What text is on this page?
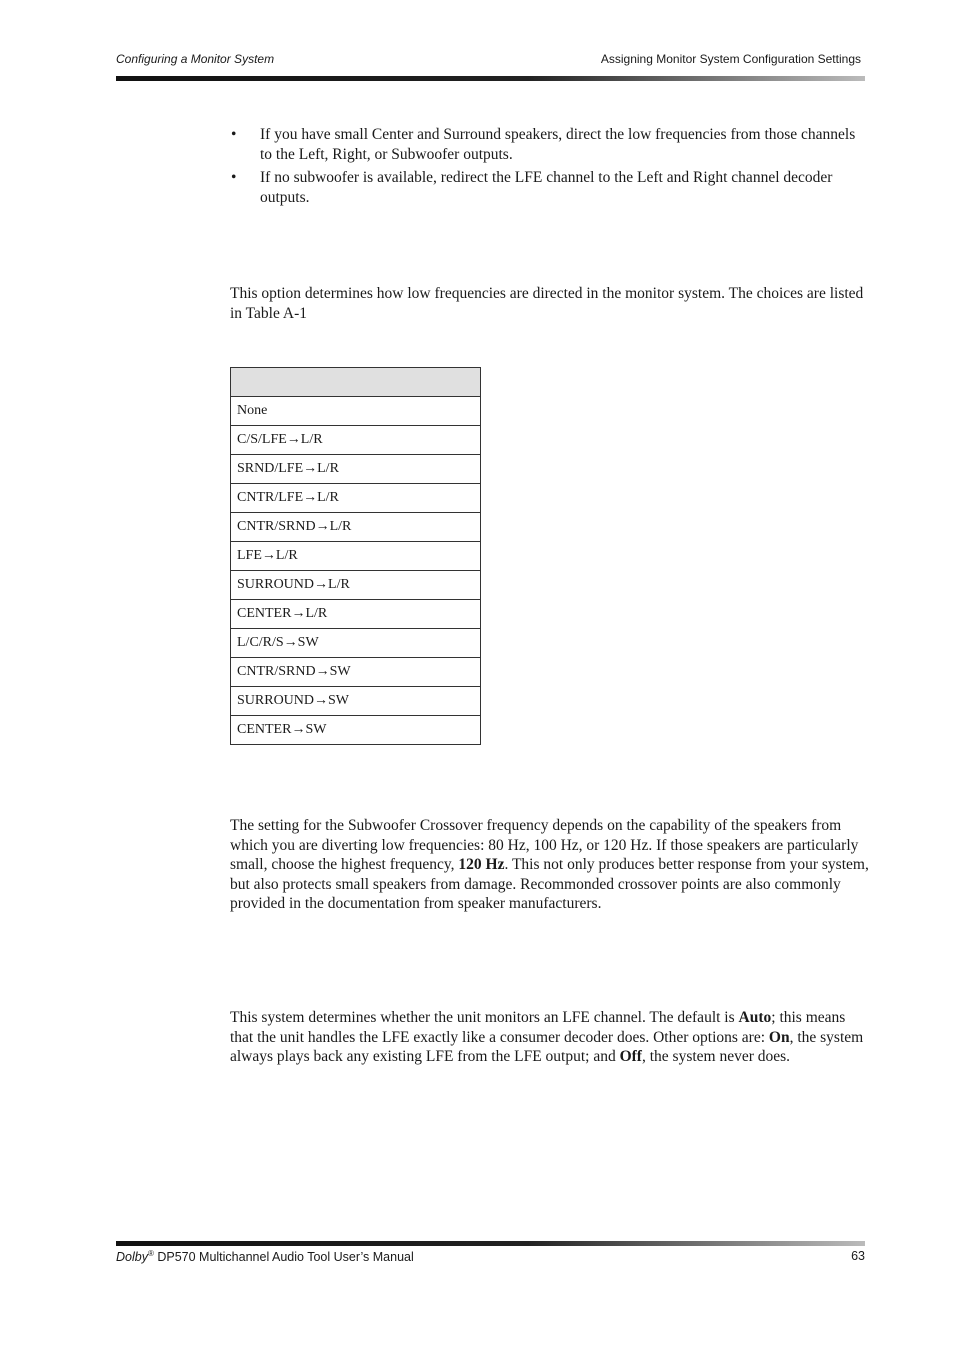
Configuring a Monitor System	Assigning Monitor System Configuration Settings
• If you have small Center and Surround speakers, direct the low frequencies from those channels to the Left, Right, or Subwoofer outputs.
• If no subwoofer is available, redirect the LFE channel to the Left and Right channel decoder outputs.

This option determines how low frequencies are directed in the monitor system. The choices are listed in Table A-1

None
C/S/LFE→L/R
SRND/LFE→L/R
CNTR/LFE→L/R
CNTR/SRND→L/R
LFE→L/R
SURROUND→L/R
CENTER→L/R
L/C/R/S→SW
CNTR/SRND→SW
SURROUND→SW
CENTER→SW

The setting for the Subwoofer Crossover frequency depends on the capability of the speakers from which you are diverting low frequencies: 80 Hz, 100 Hz, or 120 Hz. If those speakers are particularly small, choose the highest frequency, 120 Hz. This not only produces better response from your system, but also protects small speakers from damage. Recommonded crossover points are also commonly provided in the documentation from speaker manufacturers.

This system determines whether the unit monitors an LFE channel. The default is Auto; this means that the unit handles the LFE exactly like a consumer decoder does. Other options are: On, the system always plays back any existing LFE from the LFE output; and Off, the system never does.

Dolby® DP570 Multichannel Audio Tool User’s Manual	63
